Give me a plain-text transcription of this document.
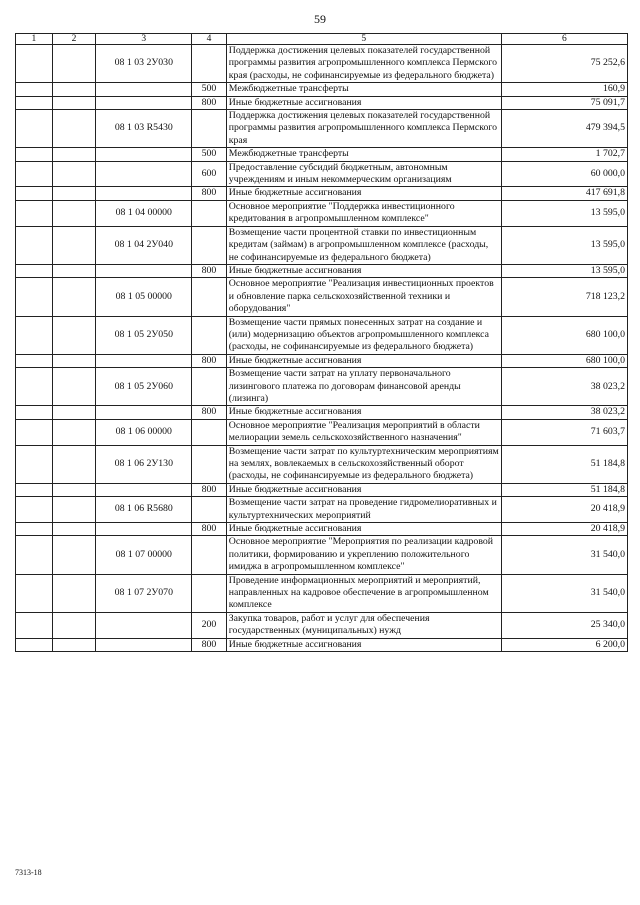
59
1	2	3	4	5	6
		08 1 03 2У030		Поддержка достижения целевых показателей государственной программы развития агропромышленного комплекса Пермского края (расходы, не софинансируемые из федерального бюджета)	75 252,6
			500	Межбюджетные трансферты	160,9
			800	Иные бюджетные ассигнования	75 091,7
		08 1 03 R5430		Поддержка достижения целевых показателей государственной программы развития агропромышленного комплекса Пермского края	479 394,5
			500	Межбюджетные трансферты	1 702,7
			600	Предоставление субсидий бюджетным, автономным учреждениям и иным некоммерческим организациям	60 000,0
			800	Иные бюджетные ассигнования	417 691,8
		08 1 04 00000		Основное мероприятие "Поддержка инвестиционного кредитования в агропромышленном комплексе"	13 595,0
		08 1 04 2У040		Возмещение части процентной ставки по инвестиционным кредитам (займам) в агропромышленном комплексе (расходы, не софинансируемые из федерального бюджета)	13 595,0
			800	Иные бюджетные ассигнования	13 595,0
		08 1 05 00000		Основное мероприятие "Реализация инвестиционных проектов и обновление парка сельскохозяйственной техники и оборудования"	718 123,2
		08 1 05 2У050		Возмещение части прямых понесенных затрат на создание и (или) модернизацию объектов агропромышленного комплекса (расходы, не софинансируемые из федерального бюджета)	680 100,0
			800	Иные бюджетные ассигнования	680 100,0
		08 1 05 2У060		Возмещение части затрат на уплату первоначального лизингового платежа по договорам финансовой аренды (лизинга)	38 023,2
			800	Иные бюджетные ассигнования	38 023,2
		08 1 06 00000		Основное мероприятие "Реализация мероприятий в области мелиорации земель сельскохозяйственного назначения"	71 603,7
		08 1 06 2У130		Возмещение части затрат по культуртехническим мероприятиям на землях, вовлекаемых в сельскохозяйственный оборот (расходы, не софинансируемые из федерального бюджета)	51 184,8
			800	Иные бюджетные ассигнования	51 184,8
		08 1 06 R5680		Возмещение части затрат на проведение гидромелиоративных и культуртехнических мероприятий	20 418,9
			800	Иные бюджетные ассигнования	20 418,9
		08 1 07 00000		Основное мероприятие "Мероприятия по реализации кадровой политики, формированию и укреплению положительного имиджа в агропромышленном комплексе"	31 540,0
		08 1 07 2У070		Проведение информационных мероприятий и мероприятий, направленных на кадровое обеспечение в агропромышленном комплексе	31 540,0
			200	Закупка товаров, работ и услуг для обеспечения государственных (муниципальных) нужд	25 340,0
			800	Иные бюджетные ассигнования	6 200,0
7313-18
